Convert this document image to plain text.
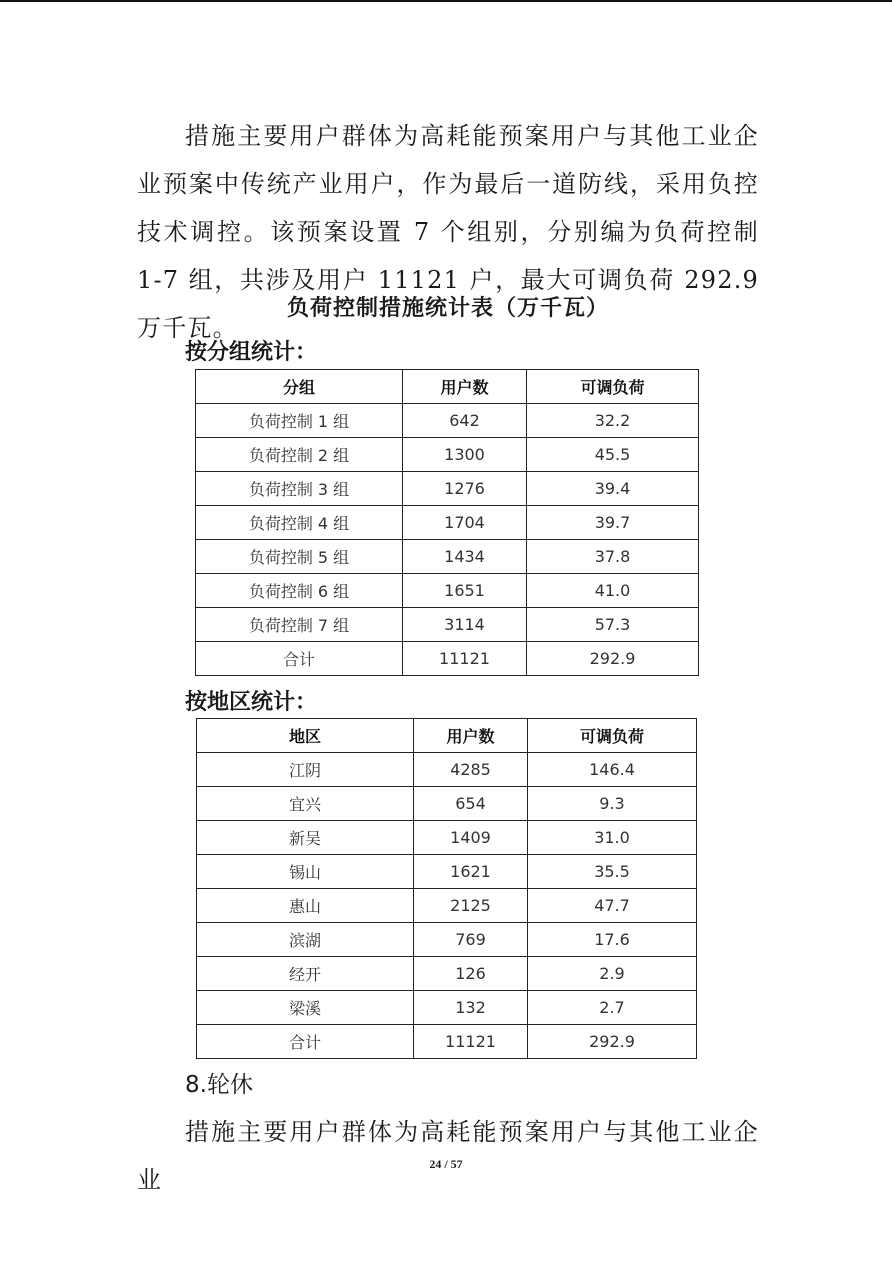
措施主要用户群体为高耗能预案用户与其他工业企业预案中传统产业用户，作为最后一道防线，采用负控技术调控。该预案设置 7 个组别，分别编为负荷控制 1-7 组，共涉及用户 11121 户，最大可调负荷 292.9 万千瓦。

负荷控制措施统计表（万千瓦）
按分组统计：
分组	用户数	可调负荷
负荷控制 1 组	642	32.2
负荷控制 2 组	1300	45.5
负荷控制 3 组	1276	39.4
负荷控制 4 组	1704	39.7
负荷控制 5 组	1434	37.8
负荷控制 6 组	1651	41.0
负荷控制 7 组	3114	57.3
合计	11121	292.9
按地区统计：
地区	用户数	可调负荷
江阴	4285	146.4
宜兴	654	9.3
新吴	1409	31.0
锡山	1621	35.5
惠山	2125	47.7
滨湖	769	17.6
经开	126	2.9
梁溪	132	2.7
合计	11121	292.9
8.轮休

措施主要用户群体为高耗能预案用户与其他工业企业

24 / 57
